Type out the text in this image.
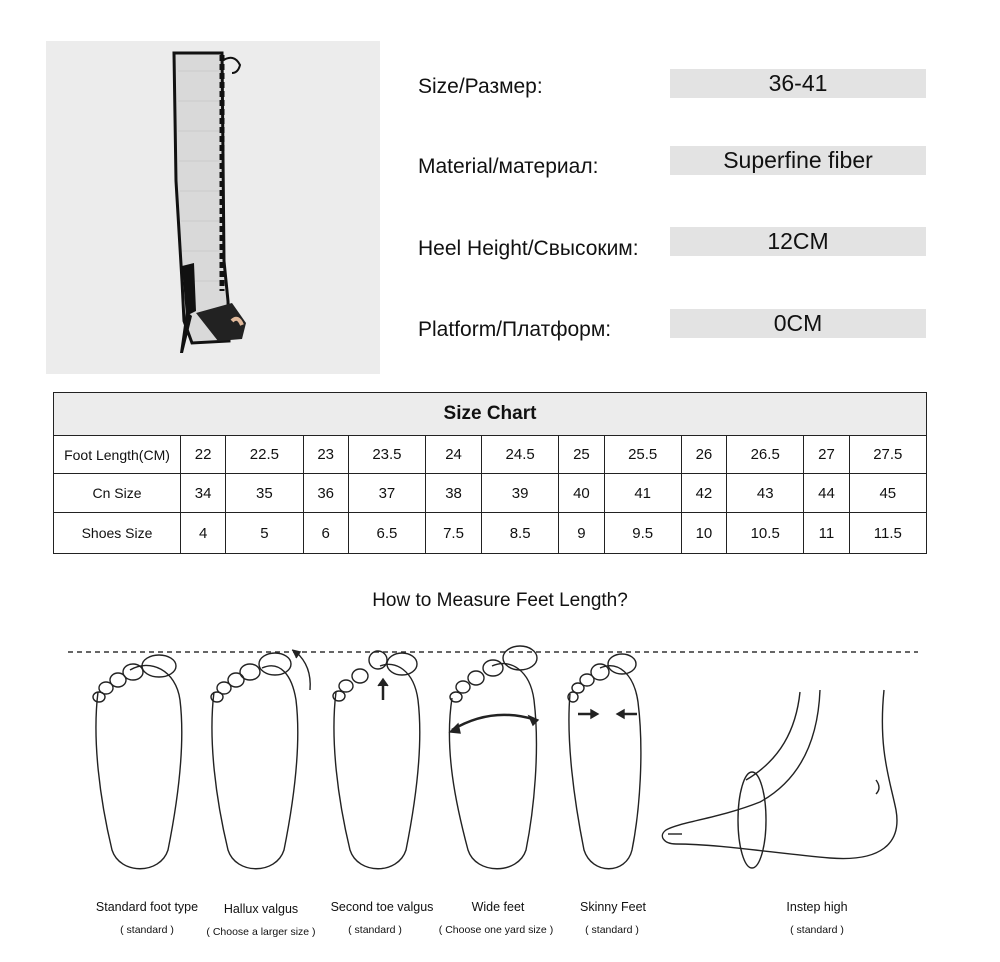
Size/Размер:	36-41
Material/материал:	Superfine fiber
Heel Height/Свысоким:	12CM
Platform/Платформ:	0CM
Size Chart												
Foot Length(CM)	22	22.5	23	23.5	24	24.5	25	25.5	26	26.5	27	27.5
Cn Size	34	35	36	37	38	39	40	41	42	43	44	45
Shoes Size	4	5	6	6.5	7.5	8.5	9	9.5	10	10.5	11	11.5
How to Measure Feet Length?
Standard foot type
( standard )
Hallux valgus
( Choose a larger size )
Second toe valgus
( standard )
Wide feet
( Choose one yard size )
Skinny Feet
( standard )
Instep high
( standard )
